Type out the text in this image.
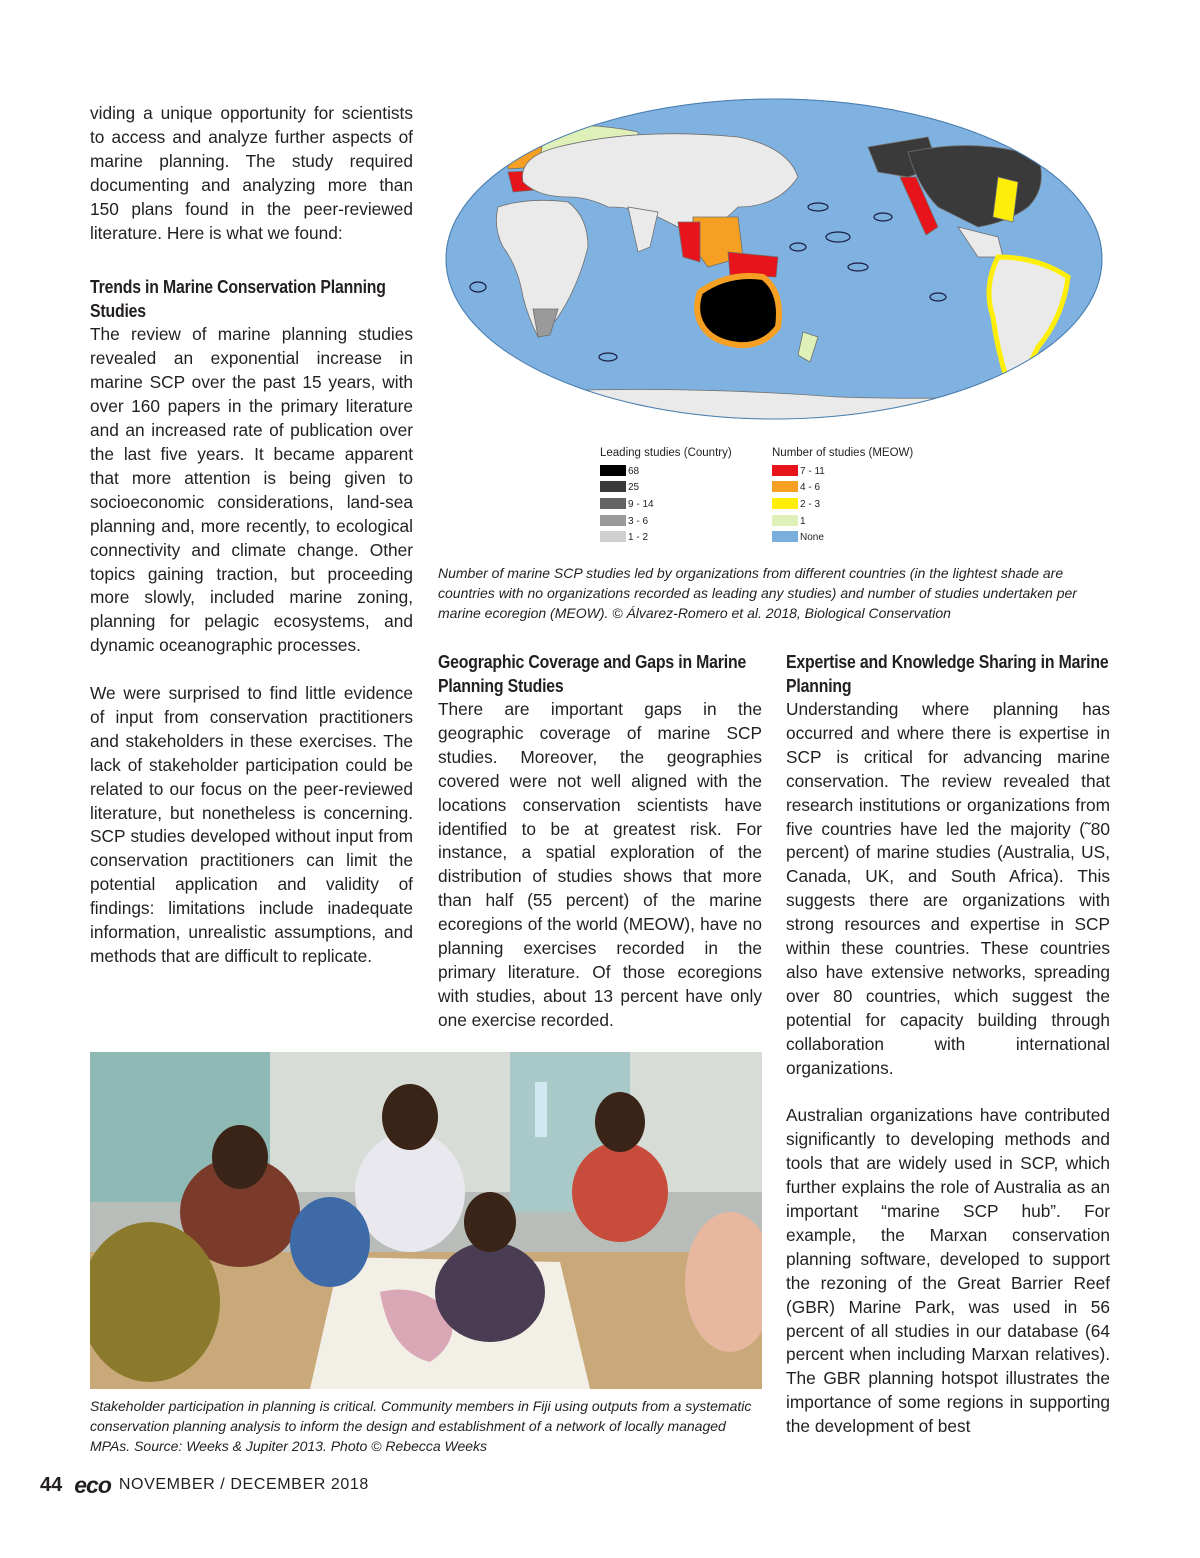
viding a unique opportunity for scientists to access and analyze further aspects of marine planning. The study required documenting and analyzing more than 150 plans found in the peer-reviewed literature. Here is what we found:

Trends in Marine Conservation Planning Studies

The review of marine planning studies revealed an exponential increase in marine SCP over the past 15 years, with over 160 papers in the primary literature and an increased rate of publication over the last five years. It became apparent that more attention is being given to socioeconomic considerations, land-sea planning and, more recently, to ecological connectivity and climate change. Other topics gaining traction, but proceeding more slowly, included marine zoning, planning for pelagic ecosystems, and dynamic oceanographic processes.

We were surprised to find little evidence of input from conservation practitioners and stakeholders in these exercises. The lack of stakeholder participation could be related to our focus on the peer-reviewed literature, but nonetheless is concerning. SCP studies developed without input from conservation practitioners can limit the potential application and validity of findings: limitations include inadequate information, unrealistic assumptions, and methods that are difficult to replicate.

Leading studies (Country)
68
25
9 - 14
3 - 6
1 - 2
Number of studies (MEOW)
7 - 11
4 - 6
2 - 3
1
None
Number of marine SCP studies led by organizations from different countries (in the lightest shade are countries with no organizations recorded as leading any studies) and number of studies undertaken per marine ecoregion (MEOW). © Álvarez-Romero et al. 2018, Biological Conservation
Geographic Coverage and Gaps in Marine Planning Studies

There are important gaps in the geographic coverage of marine SCP studies. Moreover, the geographies covered were not well aligned with the locations conservation scientists have identified to be at greatest risk. For instance, a spatial exploration of the distribution of studies shows that more than half (55 percent) of the marine ecoregions of the world (MEOW), have no planning exercises recorded in the primary literature. Of those ecoregions with studies, about 13 percent have only one exercise recorded.

Expertise and Knowledge Sharing in Marine Planning

Understanding where planning has occurred and where there is expertise in SCP is critical for advancing marine conservation. The review revealed that research institutions or organizations from five countries have led the majority (˜80 percent) of marine studies (Australia, US, Canada, UK, and South Africa). This suggests there are organizations with strong resources and expertise in SCP within these countries. These countries also have extensive networks, spreading over 80 countries, which suggest the potential for capacity building through collaboration with international organizations.

Australian organizations have contributed significantly to developing methods and tools that are widely used in SCP, which further explains the role of Australia as an important “marine SCP hub”. For example, the Marxan conservation planning software, developed to support the rezoning of the Great Barrier Reef (GBR) Marine Park, was used in 56 percent of all studies in our database (64 percent when including Marxan relatives). The GBR planning hotspot illustrates the importance of some regions in supporting the development of best

Stakeholder participation in planning is critical. Community members in Fiji using outputs from a systematic conservation planning analysis to inform the design and establishment of a network of locally managed MPAs. Source: Weeks & Jupiter 2013. Photo © Rebecca Weeks
44 eco NOVEMBER / DECEMBER 2018
